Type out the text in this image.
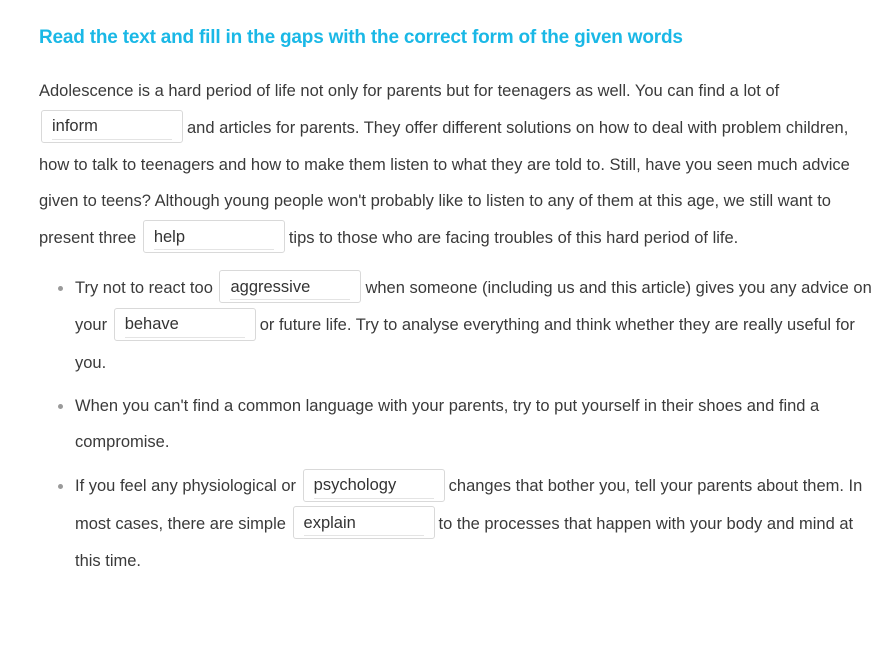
Read the text and fill in the gaps with the correct form of the given words

Adolescence is a hard period of life not only for parents but for teenagers as well. You can find a lot of
informand articles for parents. They offer different solutions on how to deal with problem children, how to talk to teenagers and how to make them listen to what they are told to. Still, have you seen much advice given to teens? Although young people won't probably like to listen to any of them at this age, we still want to present three
help	tips to those who are facing troubles of this hard period of life.

Try not to react too
aggressive	when someone (including us and this article) gives you any advice on your
behave	or future life. Try to analyse everything and think whether they are really useful for you.
When you can't find a common language with your parents, try to put yourself in their shoes and find a compromise.
If you feel any physiological or
psychology	changes that bother you, tell your parents about them. In most cases, there are simple
explain	to the processes that happen with your body and mind at this time.
